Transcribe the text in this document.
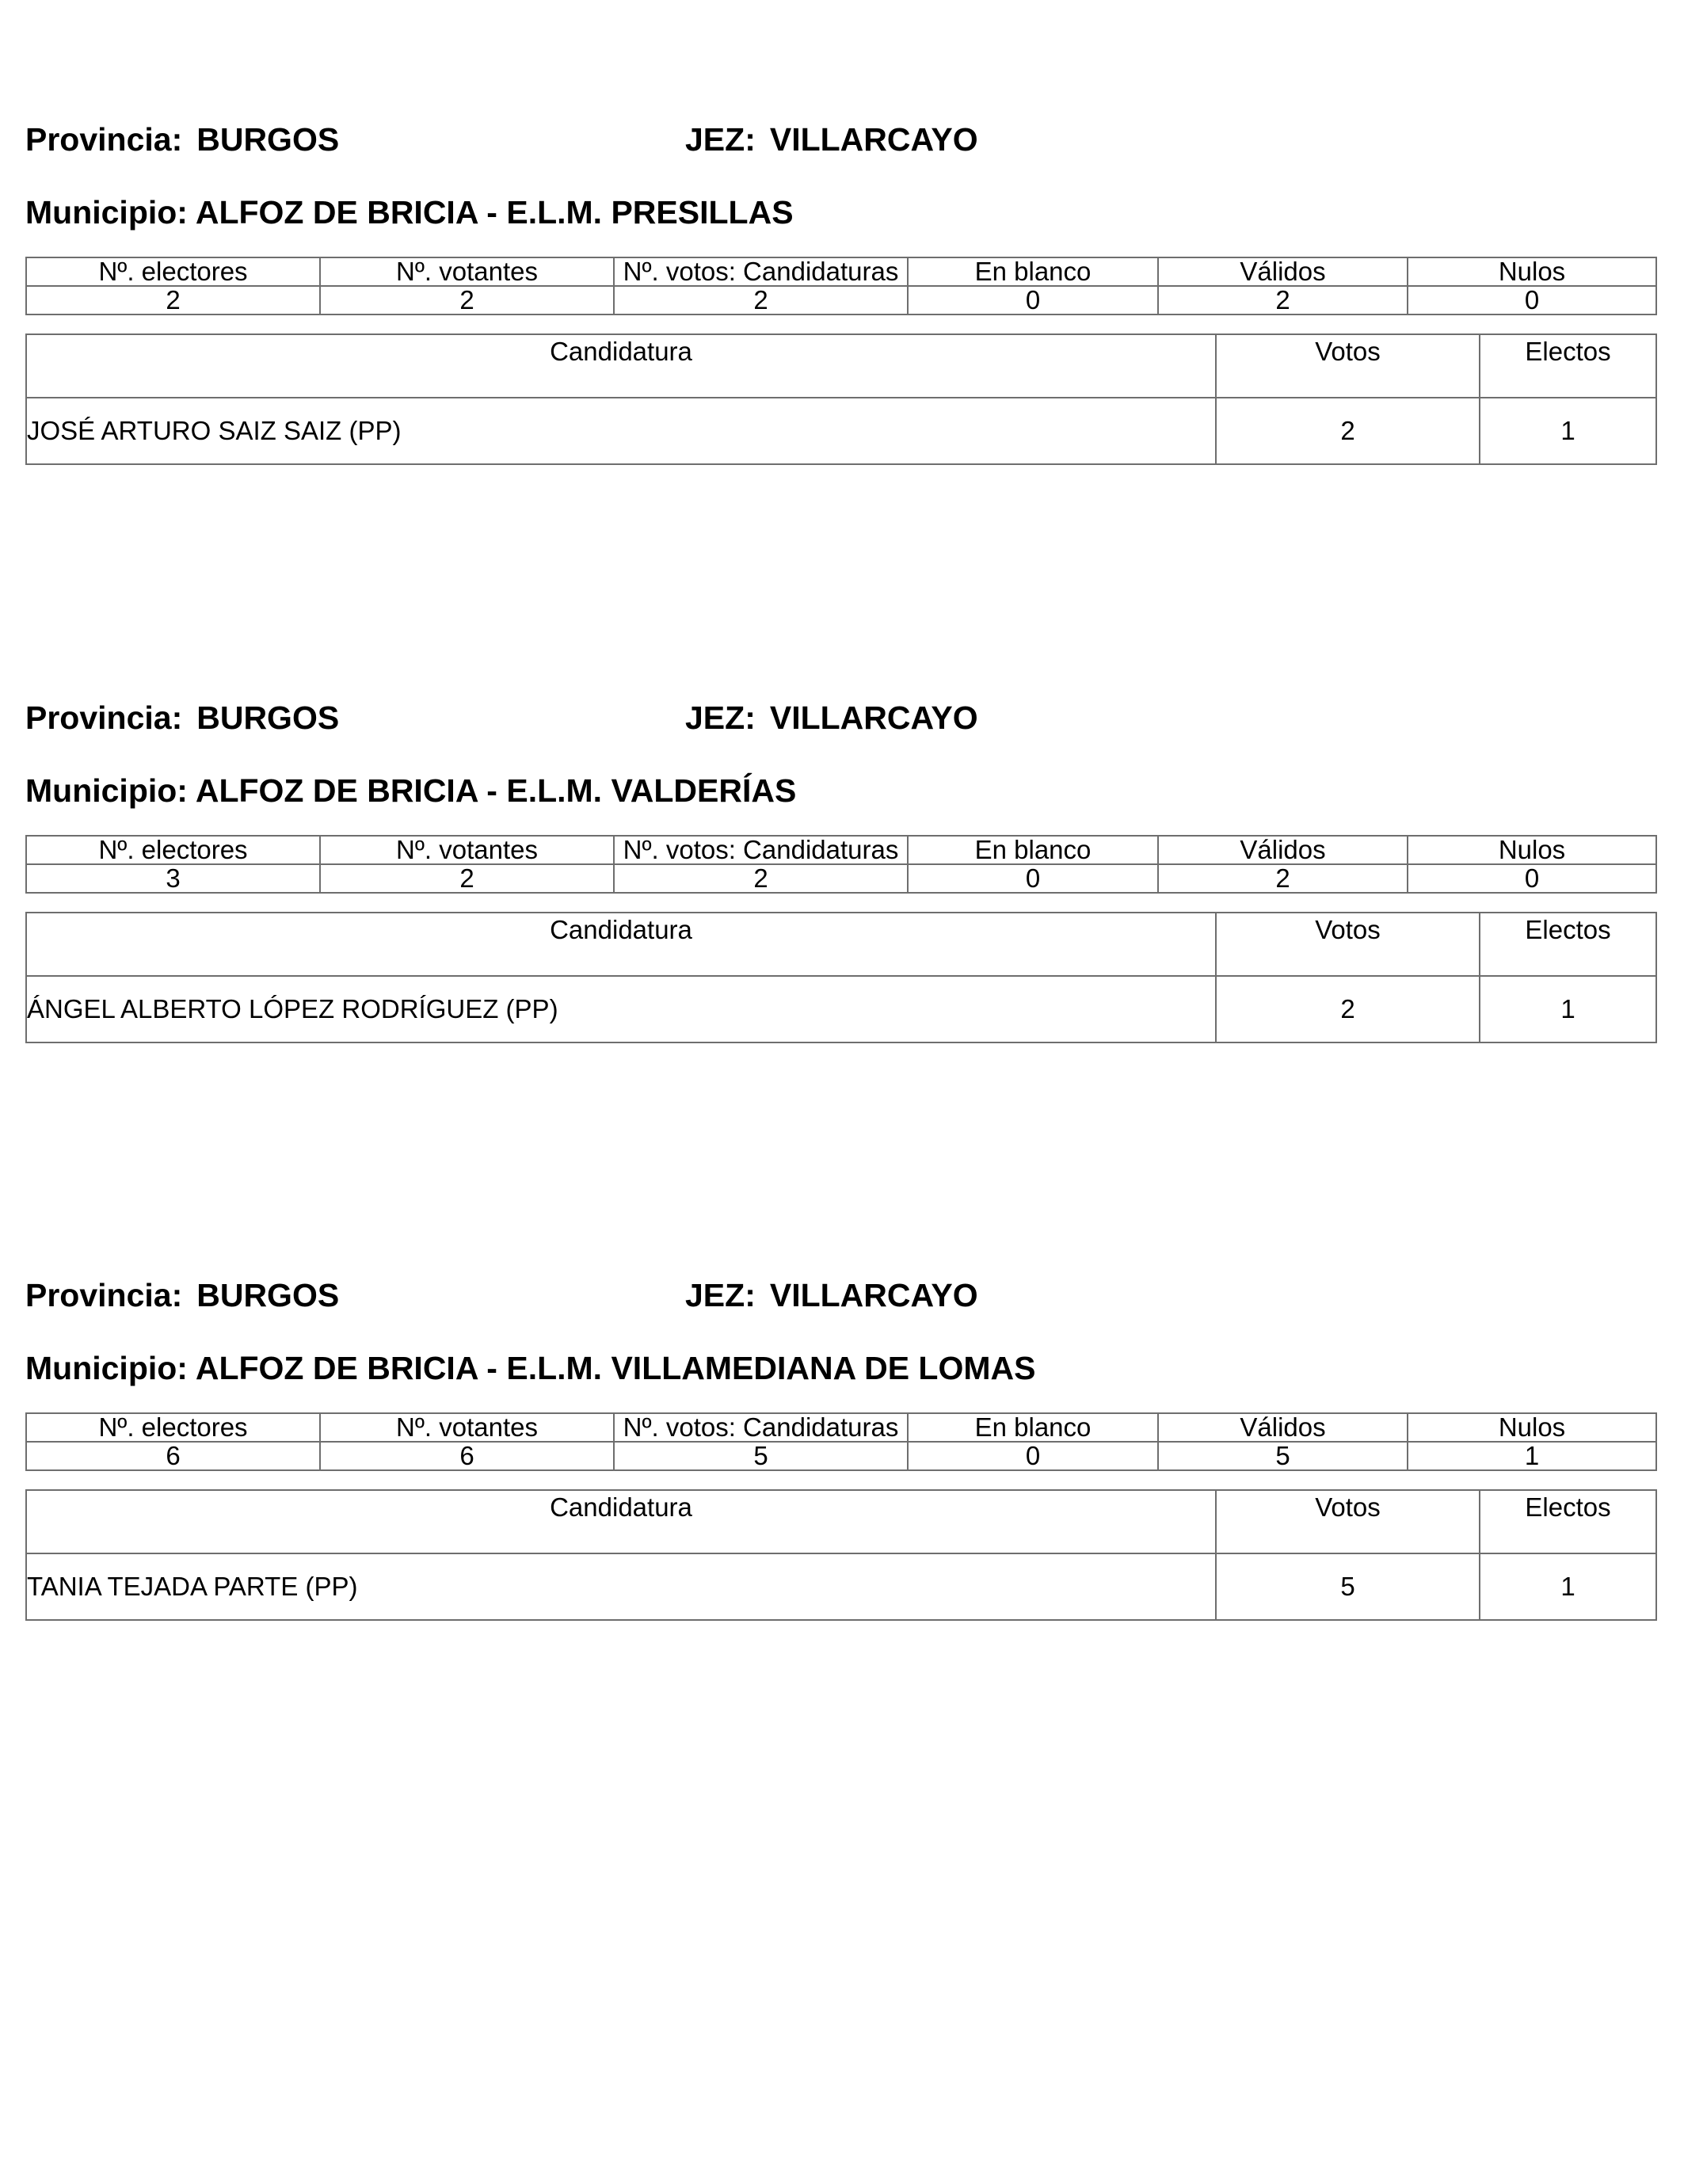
Provincia: BURGOS	JEZ: VILLARCAYO
Municipio: ALFOZ DE BRICIA - E.L.M. PRESILLAS
Nº. electores	Nº. votantes	Nº. votos: Candidaturas	En blanco	Válidos	Nulos
2	2	2	0	2	0
Candidatura	Votos	Electos
JOSÉ ARTURO SAIZ SAIZ (PP)	2	1
Provincia: BURGOS	JEZ: VILLARCAYO
Municipio: ALFOZ DE BRICIA - E.L.M. VALDERÍAS
Nº. electores	Nº. votantes	Nº. votos: Candidaturas	En blanco	Válidos	Nulos
3	2	2	0	2	0
Candidatura	Votos	Electos
ÁNGEL ALBERTO LÓPEZ RODRÍGUEZ (PP)	2	1
Provincia: BURGOS	JEZ: VILLARCAYO
Municipio: ALFOZ DE BRICIA - E.L.M. VILLAMEDIANA DE LOMAS
Nº. electores	Nº. votantes	Nº. votos: Candidaturas	En blanco	Válidos	Nulos
6	6	5	0	5	1
Candidatura	Votos	Electos
TANIA TEJADA PARTE (PP)	5	1
